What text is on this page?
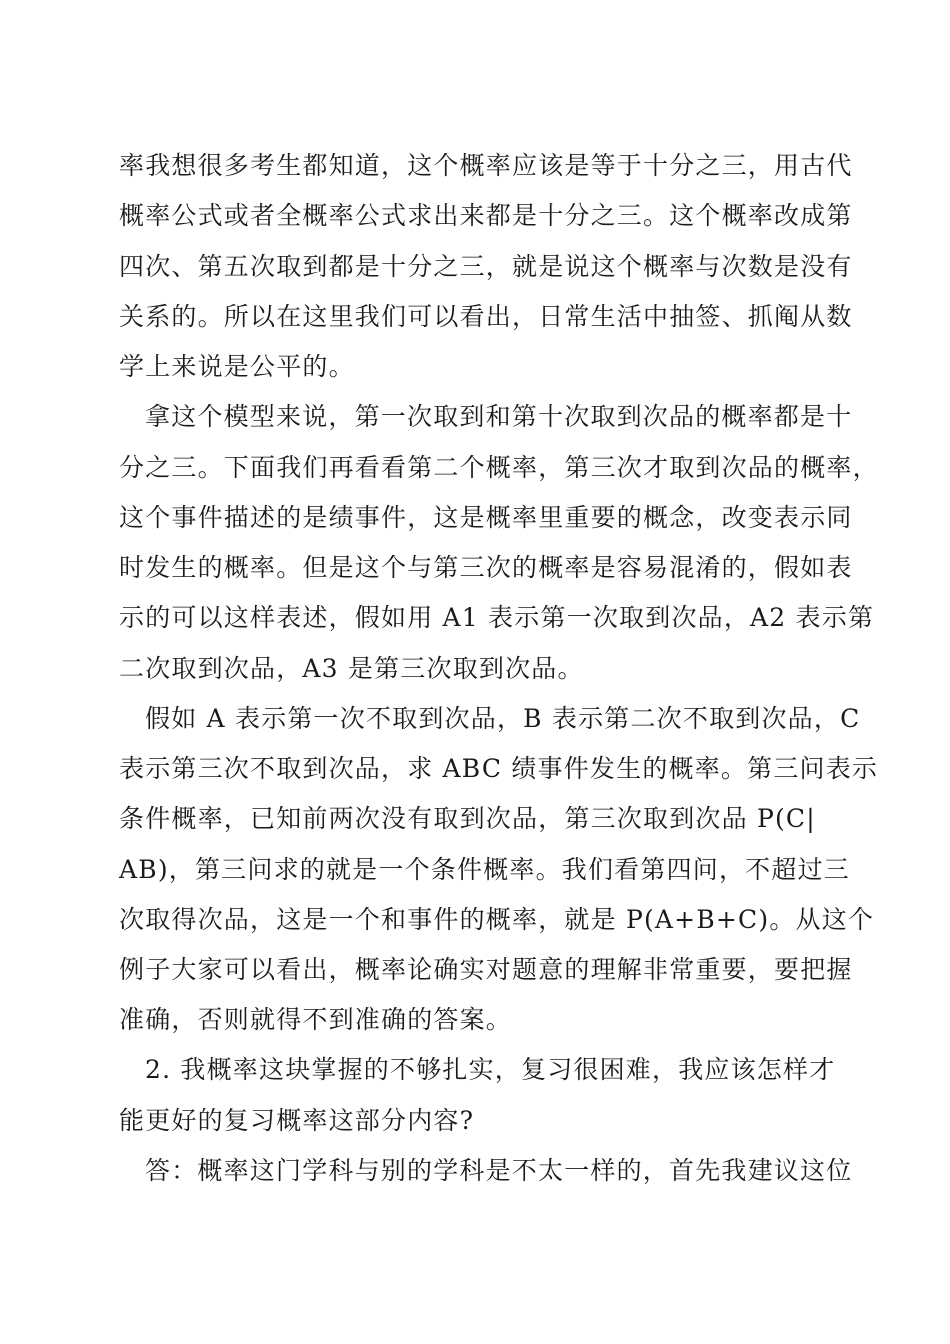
率我想很多考生都知道，这个概率应该是等于十分之三，用古代

概率公式或者全概率公式求出来都是十分之三。这个概率改成第

四次、第五次取到都是十分之三，就是说这个概率与次数是没有

关系的。所以在这里我们可以看出，日常生活中抽签、抓阄从数

学上来说是公平的。

拿这个模型来说，第一次取到和第十次取到次品的概率都是十

分之三。下面我们再看看第二个概率，第三次才取到次品的概率，

这个事件描述的是绩事件，这是概率里重要的概念，改变表示同

时发生的概率。但是这个与第三次的概率是容易混淆的，假如表

示的可以这样表述，假如用 A1 表示第一次取到次品，A2 表示第

二次取到次品，A3 是第三次取到次品。

假如 A 表示第一次不取到次品，B 表示第二次不取到次品，C

表示第三次不取到次品，求 ABC 绩事件发生的概率。第三问表示

条件概率，已知前两次没有取到次品，第三次取到次品 P(C|

AB)，第三问求的就是一个条件概率。我们看第四问，不超过三

次取得次品，这是一个和事件的概率，就是 P(A+B+C)。从这个

例子大家可以看出，概率论确实对题意的理解非常重要，要把握

准确，否则就得不到准确的答案。

2. 我概率这块掌握的不够扎实，复习很困难，我应该怎样才

能更好的复习概率这部分内容?

答：概率这门学科与别的学科是不太一样的，首先我建议这位
